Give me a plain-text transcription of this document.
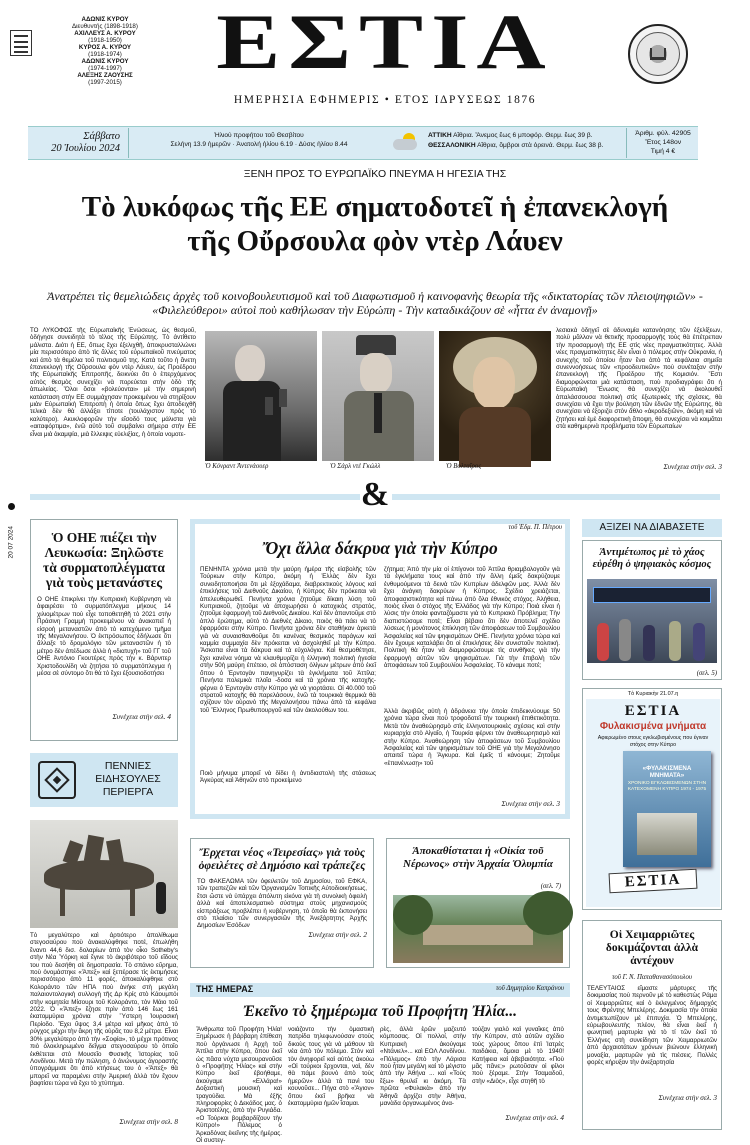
ΑΔΩΝΙΣ ΚΥΡΟΥ
Διευθυντής (1898-1918)
ΑΧΙΛΛΕΥΣ Α. ΚΥΡΟΥ
(1918-1950)
ΚΥΡΟΣ Α. ΚΥΡΟΥ
(1918-1974)
ΑΔΩΝΙΣ ΚΥΡΟΥ
(1974-1997)
ΑΛΕΞΗΣ ΖΑΟΥΣΗΣ
(1997-2015) ΕΣΤΙΑ
ΗΜΕΡΗΣΙΑ ΕΦΗΜΕΡΙΣ • ΕΤΟΣ ΙΔΡΥΣΕΩΣ 1876
Σάββατο
20 Ἰουλίου 2024
Ἠλιού προφήτου τοῦ Θεσβίτου
Σελήνη 13.9 ἡμερῶν · Ἀνατολή ἡλίου 6.19 · Δύσις ἡλίου 8.44
ΑΤΤΙΚΗ Αἴθρια. Ἄνεμος ἕως 6 μποφόρ. Θερμ. ἕως 39 β.
ΘΕΣΣΑΛΟΝΙΚΗ Αἴθρια, ὄμβροι στὰ ὀρεινά. Θερμ. ἕως 38 β.
Ἀριθμ. φύλ. 42905
Ἔτος 148ον
Τιμή 4 €
ΞΕΝΗ ΠΡΟΣ ΤΟ ΕΥΡΩΠΑΪΚΟ ΠΝΕΥΜΑ Η ΗΓΕΣΙΑ ΤΗΣ
Τὸ λυκόφως τῆς ΕΕ σηματοδοτεῖ ἡ ἐπανεκλογή
τῆς Οὔρσουλα φὸν ντὲρ Λάυεν
Ἀνατρέπει τὶς θεμελιώδεις ἀρχὲς τοῦ κοινοβουλευτισμοῦ καὶ τοῦ Διαφωτισμοῦ ἡ καινοφανὴς θεωρία τῆς «δικτατορίας τῶν πλειοψηφιῶν» - «Φιλελεύθεροι» αὐτοὶ ποὺ καθήλωσαν τὴν Εὐρώπη - Τὴν καταδικάζουν σὲ «ἧττα ἐν ἀναμονῇ»
ΤΟ ΛΥΚΟΦΩΣ τῆς Εὐρωπαϊκῆς Ἑνώσεως, ὡς θεσμοῦ, ὁδήγησε συνειδητὰ τὸ τέλος τῆς Εὐρώπης. Τὸ ἀντίθετο μάλιστα. Διότι ἡ ΕΕ, ὅπως ἔχει ἐξελιχθῆ, ἀποκρυσταλλώνει μία περισσότερο ἀπὸ τὶς ἄλλες τοῦ εὐρωπαϊκοῦ πνεύματος καὶ ἀπὸ τὰ θεμέλια τοῦ πολιτισμοῦ της. Κατὰ τοῦτο ἡ ἄνετη ἐπανεκλογὴ τῆς Οὔρσουλα φὸν ντὲρ Λάυεν, ὡς Προέδρου τῆς Εὐρωπαϊκῆς Ἐπιτροπῆς, δεικνύει ὅτι ὁ ἐπερχόμενος αὐτὸς θεσμὸς συνεχίζει νὰ πορεύεται στὴν ὁδὸ τῆς ἀπωλείας. Ὅλοι ὅσοι «βολεύονται» μὲ τὴν σημερινὴ κατάσταση στὴν ΕΕ συμμάχησαν προκειμένου νὰ στηρίξουν μιὰν Εὐρωπαϊκὴ Ἐπιτροπὴ ἡ ὁποία ὅπως ἔχει ἀποδειχθῆ τελικὰ δὲν θὰ ἀλλάξει τίποτε (τουλάχιστον πρὸς τὸ καλύτερο). Ακυκλοφορῶν τὴν εἴσοδό τους μάλιστα γιὰ «αιταφόρτιμα», ἐνῶ αὐτὸ τοῦ συμβαίνει σήμερα στὴν ΕΕ εἶναι μιὰ ἀκαμψία, μιὰ ἔλλειψις εὐελιξίας, ἡ ὁποία νομοτε-
Ὁ Κόνραντ Ἀντενάουερ	Ὁ Σάρλ ντὲ Γκώλλ	Ὁ Βολταῖρος
λεσιακὰ ὁδηγεῖ σὲ ἀδυναμία κατανόησης τῶν ἐξελίξεων, πολὺ μᾶλλον νὰ θετικῆς προσαρμογῆς τοὺς θὰ ἐπέτρεπαν τὴν προσαρμογὴ τῆς ΕΕ στὶς νέες πραγματικότητες. Ἀλλὰ νέες πραγματικότητες δὲν εἶναι ὁ πόλεμος στὴν Οὐκρανία, ἡ συνεχὴς τοῦ ὁποίου ἦταν ἕνα ἀπὸ τὰ κεφάλαια σημεῖα συνεννοήσεως τῶν «προοδευτικῶν» ποὺ συνέταξαν στὴν ἐπανεκλογὴ τῆς Προέδρου τῆς Κομισιόν. Ἔστι διαμορφώνεται μιὰ κατάσταση, ποὺ προδιαγράφει ὅτι ἡ Εὐρωπαϊκὴ Ἕνωσις θὰ συνεχίζει νὰ ἀκολουθεῖ ἀπαλάσσουσα πολιτικὴ στὶς ἐξωτερικές τῆς σχέσεις, θὰ συνεχίσει νὰ ἔχει τὴν βούληση τῶν ἐδνῶν τῆς Εὐρώπης, θὰ συνεχίσει νὰ ἐξοριζει στὸν ἄθλο «ἀκροδεξιῶν», ἀκόμη καὶ νὰ ζητήσει καὶ ἐμὲ διαφορετικὴ ἄποψη, θὰ συνεχίσει νὰ κοιμᾶται στὰ καθημερινὰ προβλήματα τῶν Εὐρωπαίων
Συνέχεια στὴν σελ. 3
&
20 07 2024	Ὁ ΟΗΕ πιέζει τὴν Λευκωσία: Ξηλῶστε τὰ συρματοπλέγματα γιὰ τοὺς μετανάστες
Ο ΟΗΕ ἐπικρίνει τὴν Κυπριακὴ Κυβέρνηση νὰ ἀφαιρέσει τὸ συρματόπλεγμα μήκους 14 χιλιομέτρων ποὺ εἶχε τοποθετηθῆ τὸ 2021 στὴν Πράσινη Γραμμὴ προκειμένου νὰ ἀνακοπεῖ ἡ εἰσροὴ μεταναστῶν ἀπὸ τὸ κατεχόμενο τμῆμα τῆς Μεγαλονήσου. Ὁ ἐκπρόσωπος ἐδήλωσε ὅτι ἄλλαξε τὸ δρομολόγιο τῶν μεταναστῶν ἡ τὸ μέτρο δὲν ἀπέδωσε ἀλλὰ ἡ «διατυχὴ» τοῦ ΓΓ τοῦ ΟΗΕ Ἀντόνιο Γκουτέρες πρὸς τὴν κ. Βάρνιτερ Χριστοδουλίδη νὰ ζητήσει τὸ συρματόπλεγμα ἡ μέσα σὲ σύντομο ὅτι θὰ τὸ ἔχει ἐξουσιοδοτήσει
Συνέχεια στὴν σελ. 4
ΠΕΝΝΙΕΣ
ΕΙΔΗΣΟΥΛΕΣ
ΠΕΡΙΕΡΓΑ
Τὸ μεγαλύτερο καὶ ἀρτιότερο ἀπολίθωμα στεγοσαύρου ποὺ ἀνακαλύφθηκε ποτέ, ἐπωλήθη ἔναντι 44,6 δισ. δολαρίων ἀπὸ τὸν οἶκο Sotheby's στὴν Νέα Ὑόρκη καὶ ἔγινε τὸ ἀκριβότερο τοῦ εἴδους του ποὺ δεσήθη σὲ δημοπρασία. Τὸ σπάνιο εὕρημα, ποὺ ὀνομάστηκε «Ἄπεξ» καὶ ξεπέρασε τὶς ἐκτιμήσεις περισσότερο ἀπὸ 11 φορές, ἀποκαλύφθηκε στὸ Κολοράντο τῶν ΗΠΑ ποὺ ἀνήκε στὴ μεγάλη παλαιοντολογικὴ συλλογὴ τῆς Δρ Κρίς στὸ Κάουμπόι στὴν κομητεία Μίσουρι τοῦ Κολοράντο, τὸν Μάιο τοῦ 2022. Ὁ «Ἄπεξ» ἔζησε πρὶν ἀπὸ 146 ἕως 161 ἑκατομμύρια χρόνια στὴν Ὕστερη Ἰουρασική Περίοδο. Ἔχει ὕψος 3,4 μέτρα καὶ μῆκος ἀπὸ τὸ ρύγχος μέχρι τὴν ἄκρη τῆς οὐρᾶς του 8,2 μέτρα. Εἶναι 30% μεγαλύτερο ἀπὸ τὴν «Σοφία», τὸ μέχρι πρότινος πιὸ ὁλοκληρωμένο δεῖγμα στεγοσαύρου τὸ ὁποῖο ἐκθέτεται στὸ Μουσεῖο Φυσικῆς Ἱστορίας τοῦ Λονδίνου. Μετὰ τὴν πώληση, ὁ ἀνώνυμος ἀγοραστὴς ὑπογράμμισε ὅτι ἀπὸ κτήσεως του ὁ «Ἄπεξ» θὰ μπορεῖ να παραμένει στὴν Ἀμερική ἀλλὰ τὸν ἔχουν βαφτίσει τώρα νὰ ἔχει τὸ χτύπημα.
Συνέχεια στὴν σελ. 8
τοῦ Ἐδμ. Π. Πέτρου
Ὄχι ἄλλα δάκρυα γιὰ τὴν Κύπρο
ΠΕΝΗΝΤΑ χρόνια μετὰ τὴν μαύρη ἡμέρα τῆς εἰσβολῆς τῶν Τούρκων στὴν Κύπρο, ἀκόμη ἡ Ἑλλὰς δὲν ἔχει συνειδητοποιήσει ὅτι μὲ ἐξοχάδαμα, διαβρεκτικοὺς λόγους καὶ ἐπικλήσεις τοῦ Διεθνοῦς Δικαίου, ἡ Κύπρος δὲν πρόκειται νὰ ἀπελευθερωθεῖ. Πενήντα χρόνια ζητοῦμε δίκαιη λύση τοῦ Κυπριακοῦ, ζητοῦμε νὰ ἀποχωρήσει ὁ κατοχικὸς στρατός, ζητοῦμε ἐφαρμογὴ τοῦ Διεθνοῦς Δικαίου. Καὶ δὲν ἀπαντοῦμε στὸ ἁπλὸ ἐρώτημα, αὐτὸ τὸ Διεθνὲς Δίκαιο, ποιὸς θὰ πάει νὰ τὸ ἐφαρμόσει στὴν Κύπρο. Πενήντα χρόνια δὲν σταθήκαν ἀρκετὰ γιὰ νὰ συναισθανθοῦμε ὅτι κανένας θεσμικὸς παράγων καὶ καμμία συμμαχία δὲν πρόκειται νὰ ἀσχοληθεῖ μὲ τὴν Κύπρο. Ἄσκοπα εἶναι τὰ δάκρυα καὶ τὰ εὐχολόγια. Καὶ θεσμοθέτησε, ἔχει κανένα νόημα νὰ κλαυθμυρίζει ἡ ἑλληνικὴ πολιτικὴ ἡγεσία στὴν 50ὴ μαύρη ἐπέτειο, σὲ ἀπόσταση ὀλίγων μέτρων ἀπὸ ἐκεῖ ὅπου ὁ Ἐρντογὰν πανηγυρίζει τὰ ἐγκλήματα τοῦ Ἀττίλα; Πενήντα πολεμικὰ πλοῖα -δοσα καὶ τὰ χρόνια τῆς κατοχῆς- φέρνει ὁ Ἐρντογὰν στὴν Κύπρο γιὰ νὰ γιορτάσει. Οἱ 40.000 τοῦ στρατοῦ κατοχῆς θὰ παρελάσουν, ἐνῶ τὰ τουρκικὰ θερμικὰ θὰ σχίζουν τὸν οὐρανὸ τῆς Μεγαλονήσου πάνω ἀπὸ τὰ κεφάλια τοῦ Ἕλληνος Πρωθυπουργοῦ καὶ τῶν ἀκολούθων του.
Ποιὸ μήνυμα μπορεῖ νὰ δίδει ἡ ἀντιδιαστολὴ τῆς στάσεως Ἀγκύρας καὶ Ἀθηνῶν στὸ προκείμενο
ζήτημα; Ἀπὸ τὴν μία οἱ ἐπίγονοι τοῦ Ἀττίλα θριαμβολογοῦν γιὰ τὰ ἐγκλήματα τους καὶ ἀπὸ τὴν ἄλλη ἐμεῖς δακρύζουμε ἐνθυμούμενοι τὰ δεινὰ τῶν Κυπρίων ἀδελφῶν μας. Ἀλλὰ δὲν ἔχει ἀνάγκη δακρύων ἡ Κύπρος. Σχέδιο χρειάζεται, ἀποφασιστικότητα καὶ πάνω ἀπὸ ὅλα ἐθνικὸς στόχος. Ἀλήθεια, ποιὸς εἶναι ὁ στόχος τῆς Ἑλλάδος γιὰ τὴν Κύπρο; Ποιὰ εἶναι ἡ λύσις τὴν ὁποία φανταζόμαστε γιὰ τὸ Κυπριακὸ Πρόβλημα; Τὴν διαπιστώσομε ποτέ; Εἶναι βέβαιο ὅτι δὲν ἀποτελεῖ σχέδιο λύσεως ἡ μονότονος ἐπίκληση τῶν ἀποφάσεων τοῦ Συμβουλίου Ἀσφαλείας καὶ τῶν ψηφισμάτων ΟΗΕ. Πενήντα χρόνια τώρα καὶ δὲν ἔχουμε καταλάβει ὅτι οἱ ἐπικλήσεις δὲν συνιστοῦν πολιτική. Πολιτικὴ θὰ ἦταν νὰ διαμορφώσουμε τὶς συνθῆκες γιὰ τὴν ἐφαρμογὴ αὐτῶν τῶν ψηφισμάτων. Γιὰ τὴν ἐπιβολὴ τῶν ἀποφάσεων τοῦ Συμβουλίου Ἀσφαλείας. Τὸ κάναμε ποτέ;
Ἀλλὰ ἀκριβῶς αὐτὴ ἡ ἀδράνεια τὴν ὁποία ἐπιδεικνύουμε 50 χρόνια τώρα εἶναι ποὺ τροφοδοτεῖ τὴν τουρκικὴ ἐπιθετικότητα. Μετὰ τὸν ἀναθεώρησμὸ στὶς ἑλληνοτουρκικὲς σχέσεις καὶ στὴν κυριαρχία στὸ Αἰγαῖο, ἡ Τουρκία φέρνει τὸν ἀναθεωρητισμὸ καὶ στὴν Κύπρο. Ἀναθεώρηση τῶν ἀποφάσεων τοῦ Συμβουλίου Ἀσφαλείας καὶ τῶν ψηφισμάτων τοῦ ΟΗΕ γιὰ τὴν Μεγαλόνησο απαιτεῖ τώρα ἡ Ἄγκυρα. Καὶ ἐμεῖς τί κάνουμε; Ζητοῦμε «ἐπανένωσῃ» τοῦ
Συνέχεια στὴν σελ. 3
Ἔρχεται νέος «Τειρεσίας» γιὰ τοὺς ὀφειλέτες σὲ Δημόσιο καὶ τράπεζες
ΤΟ ΦΑΚΕΛΩΜΑ τῶν ὀφειλετῶν τοῦ Δημοσίου, τοῦ ΕΦΚΑ, τῶν τραπεζῶν καὶ τῶν Ὀργανισμῶν Τοπικῆς Αὐτοδιοικήσεως, ἔτσι ὥστε νὰ ὑπάρχει ἀπόλυτη εἰκόνα γιὰ τὴ συνολικὴ ὀφειλὴ ἀλλὰ καὶ ἀποτελεσματικὸ σύστημα στοὺς μηχανισμοὺς εἰσπράξεως προβλέπει ἡ κυβέρνηση, τὸ ὁποῖο θὰ ἐκπονήσει στὸ πλαίσιο τῶν συνεργασιῶν τῆς Ἀνεξάρτητης Ἀρχῆς Δημοσίων Ἐσόδων
Συνέχεια στὴν σελ. 2
Ἀποκαθίσταται ἡ «Οἰκία τοῦ Νέρωνος» στὴν Ἀρχαία Ὀλυμπία
(σελ. 7)
ΤΗΣ ΗΜΕΡΑΣ	τοῦ Δημητρίου Καπράνου
Ἐκεῖνο τὸ ξημέρωμα τοῦ Προφήτη Ἠλία...
Ἄνθρωπα τοῦ Προφήτη Ἠλία! Ξημέρωσε ἡ βάρβαρη ἐπίθεση ποὺ ὀργάνωσε ἡ Ἀρχὴ τοῦ Ἀττίλα στὴν Κύπρο, ὅπου ἐκεῖ ὡς πᾶσα νύχτα μεσουρανοῦσε ὁ «Προφήτης Ἠλίας» καὶ στὴν Κύπρο ἐκεῖ ἐβοήθαμε, ἀκούγαμε «Ελλάρα!» Δοξαστικὴ μουσικὴ καὶ τραγούδια. Μὰ ἐξῆς πληροφορίες ὁ Δεκάδος μας. ὁ Ἀριστοτέλης, ἀπὸ τὴν Ρυγιάδα. «Ο Τούρκοι βομβαρδίζουν τὴν Κύπρο!» Πόλεμος ὁ Ἀρκαδόνας ἐκεῖνης τῆς ἡμέρας. Οἱ συστεγ-
νοιάζοντο τὴν ὁμαστικὴ πατρίδα τηλεφωνούσαν στοὺς δικοὺς τους γιὰ νὰ μάθουν τὰ νέα ἀπὸ τὸν πόλεμο. Στὸν καὶ τὸν ἀνηφορεῖ καὶ αὐτὸς ἀκούω «Οἱ τούρκοι ἔρχονται, ναὶ, δὲν θὰ πάμε βουνὸ ἀπὸ τοὺς ἡμερῶν» ἀλλὰ τὰ πανὶ του κουνοῦσε... Πήγα στὸ «Ἄγιον» ὅπου ἐκεῖ βρῆκα νὰ ἑκατομμύρια ἡμῶν ἴσαμαι.
ρὲς, ἀλλὰ ἐρῶν μαζευτό κόμποσας. Οἱ πολλοί, στὴν Κυπριακὴ ἀκούγαμε «Ντάνιελ»... καὶ ΕΟΛ Λονδίνου. «Πόλεμος» ἐπὸ τὴν Λάρισα ποὺ ἦταν μεγάλη καὶ τὸ μέγιστο ἀπὸ τὴν Ἀθήνα ... καὶ «Τοὺς ἔξω» θρυλεῖ κι ἀκόμη. Τὰ πρῶτα «Φυλακὰ» ἀπὸ τὴν Ἀθηνᾶ ἀρχίζει στὴν Ἀθήνα, μανὰδα ὀργανωμένος ἀνα-
τούζαν γιαλὸ καὶ γυναῖκες ἀπὸ τὴν Κύπρον, στὸ αὐτῶν σχέδιο τοὺς χώρους ὅπου ἐπὶ Ἱατρὲς παιδάκια, ὅμοια μὲ τὸ 1940! Κατήφεια καὶ ἀβεβαιότητα. «Ποὺ μᾶς πᾶνε;» ρωτοῦσαν οἱ φίλοι ποὺ ξέραμε. Στὴν Τσαμαδοῦ, στὴν «Διὸς», εἶχε στηθῆ τὸ
Συνέχεια στὴν σελ. 4
ΑΞΙΖΕΙ ΝΑ ΔΙΑΒΑΣΕΤΕ
Ἀντιμέτωπος μὲ τὸ χάος εὑρέθη ὁ ψηφιακὸς κόσμος
(σελ. 5)
Τὸ Κυριακὴν 21.07.η
ΕΣΤΙΑ
Φυλακισμένα μνήματα
Αφιερωμένο στους εγκλωβισμένους που έγιναν στόχος στην Κύπρο
«ΦΥΛΑΚΙΣΜΕΝΑ ΜΝΗΜΑΤΑ»
ΧΡΟΝΙΚΟ ΕΓΚΛΩΒΙΣΜΕΝΩΝ ΣΤΗΝ ΚΑΤΕΧΟΜΕΝΗ ΚΥΠΡΟ 1974 - 1975
ΕΣΤΙΑ
Οἱ Χειμαρριῶτες δοκιμάζονται ἀλλὰ ἀντέχουν
τοῦ Γ. Ν. Παπαθανασόπουλου
ΤΕΛΕΥΤΑΙΟΣ εἴμαστε μάρτυρες τῆς δοκιμασίας ποὺ περνοῦν μὲ τὸ καθεστὼς Ράμα οἱ Χειμαρριῶτες καὶ ὁ ἐκλεγμένος δήμαρχός τους Φρέντης Μπελέρης. Δοκιμασία τὴν ὁποία ἀντιμετωπίζουν μὲ ἐπιτυχία. Ὁ Μπελέρης, εὐρωβουλευτὴς πλέον, θὰ εἶναι ἐκεῖ ἡ φωνητική μαρτυρία γιὰ τὸ τί τῶν ἐκεῖ τὸ Ἑλλήνες στὴ συνείδηση τῶν Χειμαρριωτῶν ἀπὸ ἀρχαιοτάτων χρόνων βιώνουν ἑλληνικὴ μοναξία, μαρτυρῶν γιὰ τὶς πιέσεις. Πολλὲς φορὲς κήρυξαν τὴν ἀνεξαρτησία
Συνέχεια στὴν σελ. 3
